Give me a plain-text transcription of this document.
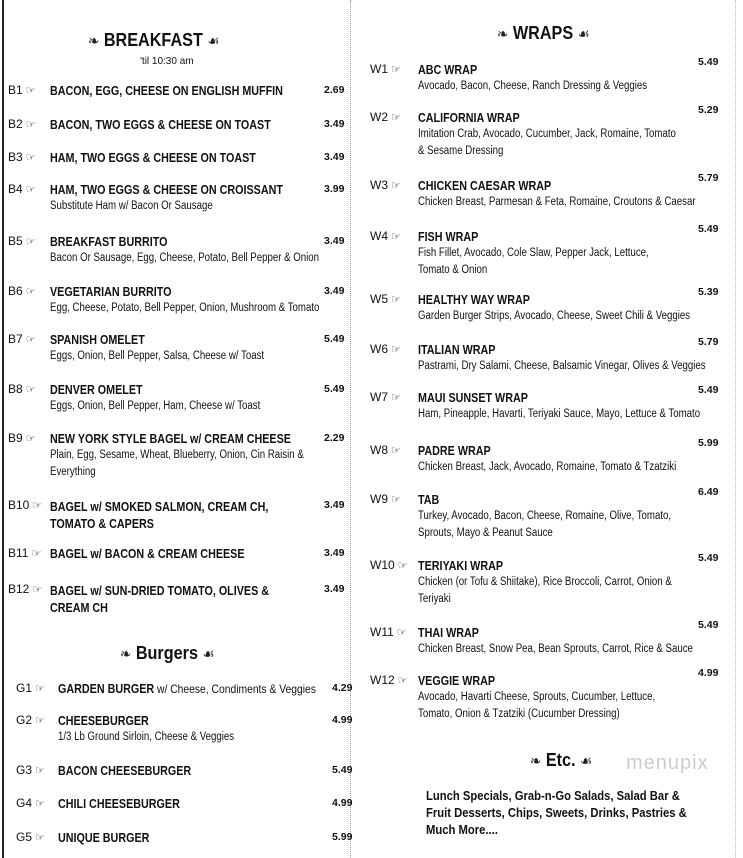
❧ BREAKFAST ☙
'til 10:30 am
❧ Burgers ☙
❧ WRAPS ☙
❧ Etc. ☙ menupix
Lunch Specials, Grab-n-Go Salads, Salad Bar &
Fruit Desserts, Chips, Sweets, Drinks, Pastries &
Much More....
B1 ☞ BACON, EGG, CHEESE ON ENGLISH MUFFIN	2.69
B2 ☞ BACON, TWO EGGS & CHEESE ON TOAST	3.49
B3 ☞ HAM, TWO EGGS & CHEESE ON TOAST	3.49
B4 ☞ HAM, TWO EGGS & CHEESE ON CROISSANT
Substitute Ham w/ Bacon Or Sausage
3.99
B5 ☞ BREAKFAST BURRITO
Bacon Or Sausage, Egg, Cheese, Potato, Bell Pepper & Onion
3.49
B6 ☞ VEGETARIAN BURRITO
Egg, Cheese, Potato, Bell Pepper, Onion, Mushroom & Tomato
3.49
B7 ☞ SPANISH OMELET
Eggs, Onion, Bell Pepper, Salsa, Cheese w/ Toast
5.49
B8 ☞ DENVER OMELET
Eggs, Onion, Bell Pepper, Ham, Cheese w/ Toast
5.49
B9 ☞ NEW YORK STYLE BAGEL w/ CREAM CHEESE
Plain, Egg, Sesame, Wheat, Blueberry, Onion, Cin Raisin &
Everything
2.29
B10 ☞ BAGEL w/ SMOKED SALMON, CREAM CH,
TOMATO & CAPERS
3.49
B11 ☞ BAGEL w/ BACON & CREAM CHEESE	3.49
B12 ☞ BAGEL w/ SUN-DRIED TOMATO, OLIVES &
CREAM CH
3.49
G1 ☞ GARDEN BURGER w/ Cheese, Condiments & Veggies 4.29
G2 ☞ CHEESEBURGER
1/3 Lb Ground Sirloin, Cheese & Veggies
4.99
G3 ☞ BACON CHEESEBURGER	5.49
G4 ☞ CHILI CHEESEBURGER	4.99
G5 ☞ UNIQUE BURGER	5.99
W1 ☞ ABC WRAP
Avocado, Bacon, Cheese, Ranch Dressing & Veggies
5.49
W2 ☞ CALIFORNIA WRAP
Imitation Crab, Avocado, Cucumber, Jack, Romaine, Tomato
& Sesame Dressing
5.29
W3 ☞ CHICKEN CAESAR WRAP
Chicken Breast, Parmesan & Feta, Romaine, Croutons & Caesar
5.79
W4 ☞ FISH WRAP
Fish Fillet, Avocado, Cole Slaw, Pepper Jack, Lettuce,
Tomato & Onion
5.49
W5 ☞ HEALTHY WAY WRAP
Garden Burger Strips, Avocado, Cheese, Sweet Chili & Veggies
5.39
W6 ☞ ITALIAN WRAP
Pastrami, Dry Salami, Cheese, Balsamic Vinegar, Olives & Veggies
5.79
W7 ☞ MAUI SUNSET WRAP
Ham, Pineapple, Havarti, Teriyaki Sauce, Mayo, Lettuce & Tomato
5.49
W8 ☞ PADRE WRAP
Chicken Breast, Jack, Avocado, Romaine, Tomato & Tzatziki
5.99
W9 ☞ TAB
Turkey, Avocado, Bacon, Cheese, Romaine, Olive, Tomato,
Sprouts, Mayo & Peanut Sauce
6.49
W10 ☞ TERIYAKI WRAP
Chicken (or Tofu & Shiitake), Rice Broccoli, Carrot, Onion &
Teriyaki
5.49
W11 ☞ THAI WRAP
Chicken Breast, Snow Pea, Bean Sprouts, Carrot, Rice & Sauce
5.49
W12 ☞ VEGGIE WRAP
Avocado, Havarti Cheese, Sprouts, Cucumber, Lettuce,
Tomato, Onion & Tzatziki (Cucumber Dressing)
4.99
